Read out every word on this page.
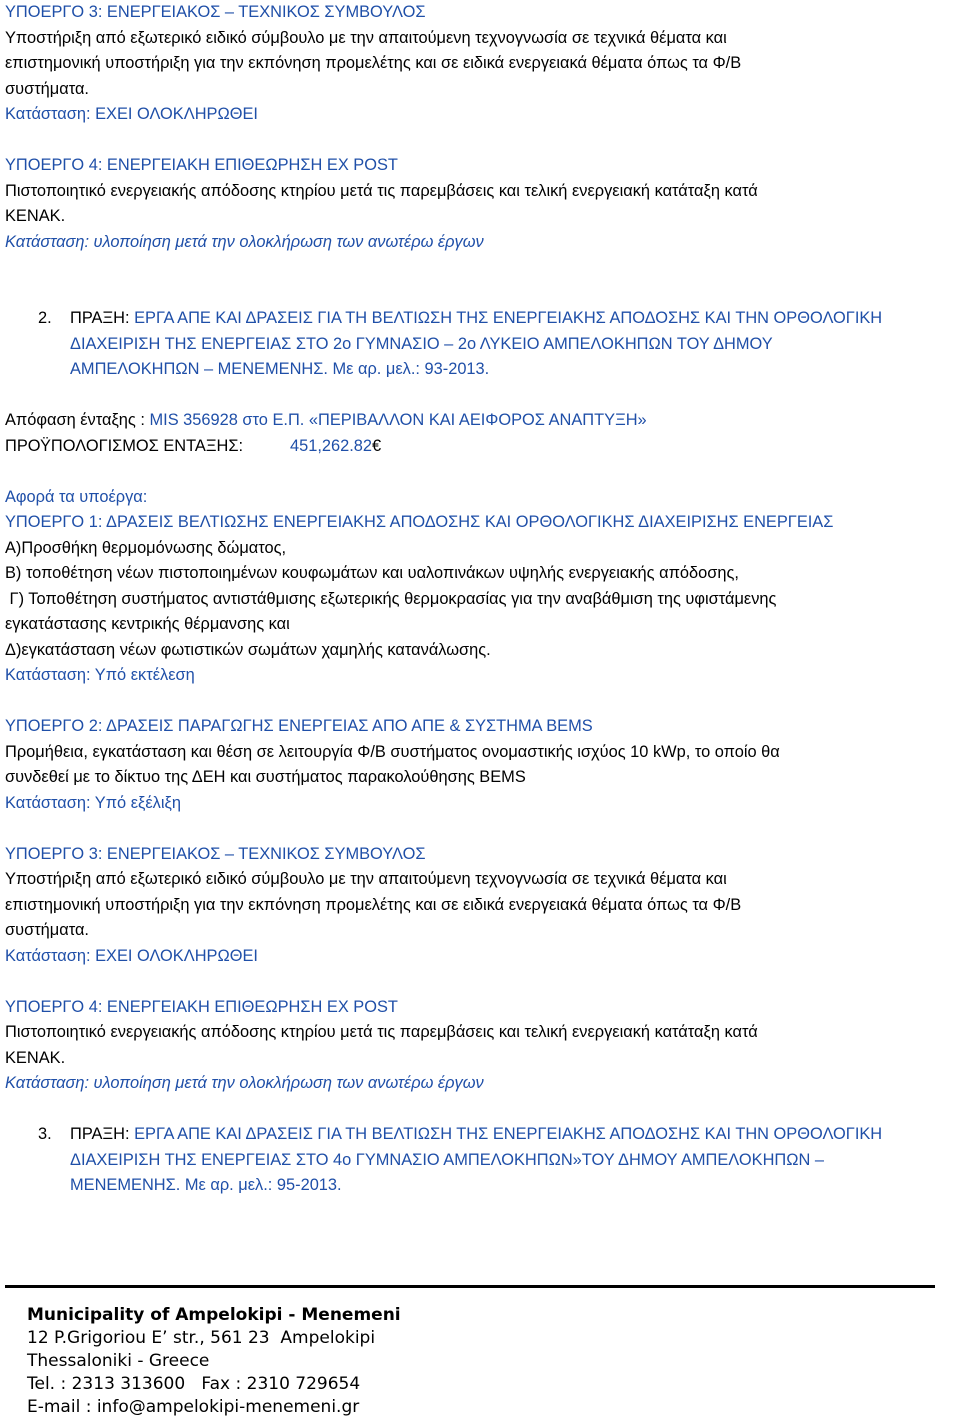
ΥΠΟΕΡΓΟ 3: ΕΝΕΡΓΕΙΑΚΟΣ – ΤΕΧΝΙΚΟΣ ΣΥΜΒΟΥΛΟΣ
Υποστήριξη από εξωτερικό ειδικό σύμβουλο με την απαιτούμενη τεχνογνωσία σε τεχνικά θέματα και
επιστημονική υποστήριξη για την εκπόνηση προμελέτης και σε ειδικά ενεργειακά θέματα όπως τα Φ/Β
συστήματα.
Κατάσταση: ΕΧΕΙ ΟΛΟΚΛΗΡΩΘΕΙ
ΥΠΟΕΡΓΟ 4: ΕΝΕΡΓΕΙΑΚΗ ΕΠΙΘΕΩΡΗΣΗ EX POST
Πιστοποιητικό ενεργειακής απόδοσης κτηρίου μετά τις παρεμβάσεις και τελική ενεργειακή κατάταξη κατά
ΚΕΝΑΚ.
Κατάσταση: υλοποίηση μετά την ολοκλήρωση των ανωτέρω έργων
2. ΠΡΑΞΗ: ΕΡΓΑ ΑΠΕ ΚΑΙ ΔΡΑΣΕΙΣ ΓΙΑ ΤΗ ΒΕΛΤΙΩΣΗ ΤΗΣ ΕΝΕΡΓΕΙΑΚΗΣ ΑΠΟΔΟΣΗΣ ΚΑΙ ΤΗΝ ΟΡΘΟΛΟΓΙΚΗ
ΔΙΑΧΕΙΡΙΣΗ ΤΗΣ ΕΝΕΡΓΕΙΑΣ ΣΤΟ 2ο ΓΥΜΝΑΣΙΟ – 2ο ΛΥΚΕΙΟ ΑΜΠΕΛΟΚΗΠΩΝ ΤΟΥ ΔΗΜΟΥ
ΑΜΠΕΛΟΚΗΠΩΝ – ΜΕΝΕΜΕΝΗΣ. Με αρ. μελ.: 93-2013.
Απόφαση ένταξης : MIS 356928 στο Ε.Π. «ΠΕΡΙΒΑΛΛΟΝ ΚΑΙ ΑΕΙΦΟΡΟΣ ΑΝΑΠΤΥΞΗ»
ΠΡΟΫΠΟΛΟΓΙΣΜΟΣ ΕΝΤΑΞΗΣ:	451,262.82€
Αφορά τα υποέργα:
ΥΠΟΕΡΓΟ 1: ΔΡΑΣΕΙΣ ΒΕΛΤΙΩΣΗΣ ΕΝΕΡΓΕΙΑΚΗΣ ΑΠΟΔΟΣΗΣ ΚΑΙ ΟΡΘΟΛΟΓΙΚΗΣ ΔΙΑΧΕΙΡΙΣΗΣ ΕΝΕΡΓΕΙΑΣ
Α)Προσθήκη θερμομόνωσης δώματος,
Β) τοποθέτηση νέων πιστοποιημένων κουφωμάτων και υαλοπινάκων υψηλής ενεργειακής απόδοσης,
Γ) Τοποθέτηση συστήματος αντιστάθμισης εξωτερικής θερμοκρασίας για την αναβάθμιση της υφιστάμενης
εγκατάστασης κεντρικής θέρμανσης και
Δ)εγκατάσταση νέων φωτιστικών σωμάτων χαμηλής κατανάλωσης.
Κατάσταση: Υπό εκτέλεση
ΥΠΟΕΡΓΟ 2: ΔΡΑΣΕΙΣ ΠΑΡΑΓΩΓΗΣ ΕΝΕΡΓΕΙΑΣ ΑΠΟ ΑΠΕ & ΣΥΣΤΗΜΑ BEMS
Προμήθεια, εγκατάσταση και θέση σε λειτουργία Φ/Β συστήματος ονομαστικής ισχύος 10 kWp, το οποίο θα
συνδεθεί με το δίκτυο της ΔΕΗ και συστήματος παρακολούθησης BEMS
Κατάσταση: Υπό εξέλιξη
ΥΠΟΕΡΓΟ 3: ΕΝΕΡΓΕΙΑΚΟΣ – ΤΕΧΝΙΚΟΣ ΣΥΜΒΟΥΛΟΣ
Υποστήριξη από εξωτερικό ειδικό σύμβουλο με την απαιτούμενη τεχνογνωσία σε τεχνικά θέματα και
επιστημονική υποστήριξη για την εκπόνηση προμελέτης και σε ειδικά ενεργειακά θέματα όπως τα Φ/Β
συστήματα.
Κατάσταση: ΕΧΕΙ ΟΛΟΚΛΗΡΩΘΕΙ
ΥΠΟΕΡΓΟ 4: ΕΝΕΡΓΕΙΑΚΗ ΕΠΙΘΕΩΡΗΣΗ EX POST
Πιστοποιητικό ενεργειακής απόδοσης κτηρίου μετά τις παρεμβάσεις και τελική ενεργειακή κατάταξη κατά
ΚΕΝΑΚ.
Κατάσταση: υλοποίηση μετά την ολοκλήρωση των ανωτέρω έργων
3. ΠΡΑΞΗ: ΕΡΓΑ ΑΠΕ ΚΑΙ ΔΡΑΣΕΙΣ ΓΙΑ ΤΗ ΒΕΛΤΙΩΣΗ ΤΗΣ ΕΝΕΡΓΕΙΑΚΗΣ ΑΠΟΔΟΣΗΣ ΚΑΙ ΤΗΝ ΟΡΘΟΛΟΓΙΚΗ
ΔΙΑΧΕΙΡΙΣΗ ΤΗΣ ΕΝΕΡΓΕΙΑΣ ΣΤΟ 4ο ΓΥΜΝΑΣΙΟ ΑΜΠΕΛΟΚΗΠΩΝ»ΤΟΥ ΔΗΜΟΥ ΑΜΠΕΛΟΚΗΠΩΝ –
ΜΕΝΕΜΕΝΗΣ. Με αρ. μελ.: 95-2013.
Municipality of Ampelokipi - Menemeni
12 P.Grigoriou E’ str., 561 23  Ampelokipi
Thessaloniki - Greece
Tel. : 2313 313600   Fax : 2310 729654
E-mail : info@ampelokipi-menemeni.gr
